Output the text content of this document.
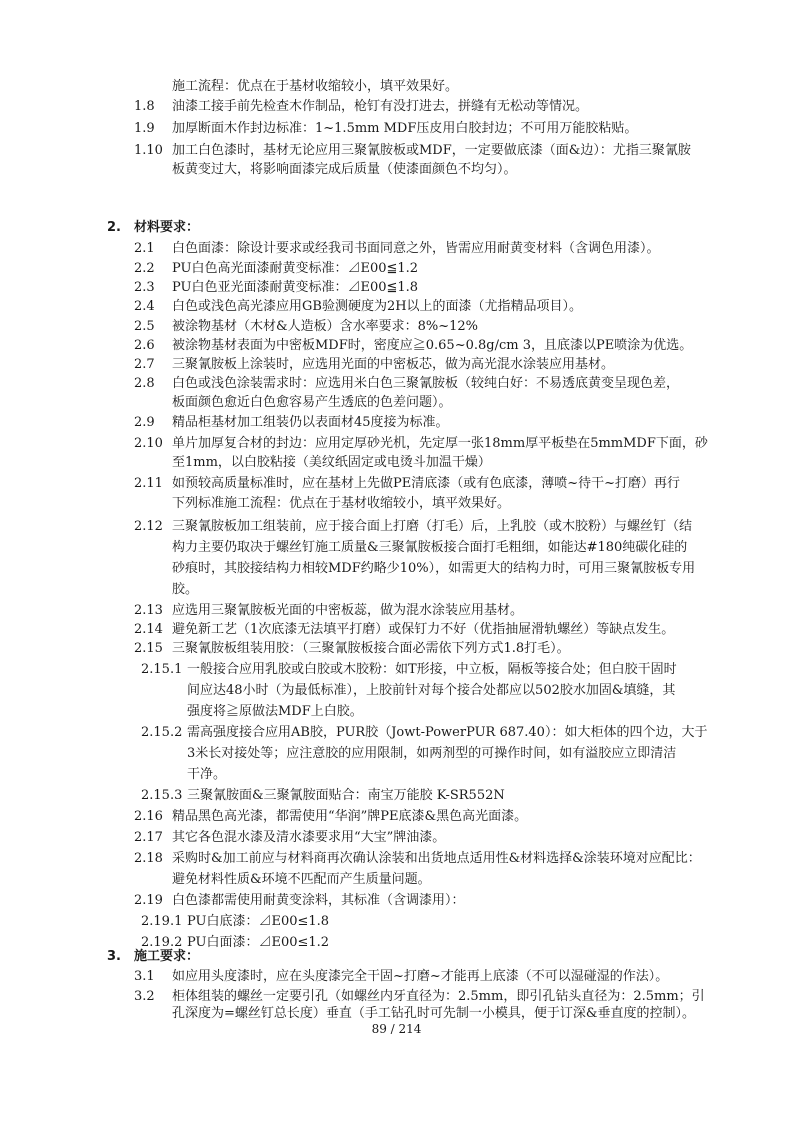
施工流程：优点在于基材收缩较小，填平效果好。
1.8 油漆工接手前先检查木作制品，枪钉有没打进去，拼缝有无松动等情况。
1.9 加厚断面木作封边标准：1~1.5mm MDF压皮用白胶封边；不可用万能胶粘贴。
1.10 加工白色漆时，基材无论应用三聚氰胺板或MDF，一定要做底漆（面&边）：尤指三聚氰胺
板黄变过大，将影响面漆完成后质量（使漆面颜色不均匀）。
2. 材料要求：
2.1 白色面漆：除设计要求或经我司书面同意之外，皆需应用耐黄变材料（含调色用漆）。
2.2 PU白色高光面漆耐黄变标准：⊿E00≦1.2
2.3 PU白色亚光面漆耐黄变标准：⊿E00≦1.8
2.4 白色或浅色高光漆应用GB验测硬度为2H以上的面漆（尤指精品项目）。
2.5 被涂物基材（木材&人造板）含水率要求：8%~12%
2.6 被涂物基材表面为中密板MDF时，密度应≧0.65~0.8g/cm 3，且底漆以PE喷涂为优选。
2.7 三聚氰胺板上涂装时，应选用光面的中密板芯，做为高光混水涂装应用基材。
2.8 白色或浅色涂装需求时：应选用米白色三聚氰胺板（较纯白好：不易透底黄变呈现色差，
板面颜色愈近白色愈容易产生透底的色差问题）。
2.9 精品柜基材加工组装仍以表面材45度接为标准。
2.10 单片加厚复合材的封边：应用定厚砂光机，先定厚一张18mm厚平板垫在5mmMDF下面，砂
至1mm，以白胶粘接（美纹纸固定或电烫斗加温干燥）
2.11 如预较高质量标准时，应在基材上先做PE清底漆（或有色底漆，薄喷~待干~打磨）再行
下列标准施工流程：优点在于基材收缩较小，填平效果好。
2.12 三聚氰胺板加工组装前，应于接合面上打磨（打毛）后，上乳胶（或木胶粉）与螺丝钉（结
构力主要仍取决于螺丝钉施工质量&三聚氰胺板接合面打毛粗细，如能达#180纯碳化硅的
砂痕时，其胶接结构力相较MDF约略少10%），如需更大的结构力时，可用三聚氰胺板专用
胶。
2.13 应选用三聚氰胺板光面的中密板蕊，做为混水涂装应用基材。
2.14 避免新工艺（1次底漆无法填平打磨）或保钉力不好（优指抽屉滑轨螺丝）等缺点发生。
2.15 三聚氰胺板组装用胶：（三聚氰胺板接合面必需依下列方式1.8打毛）。
2.15.1 一般接合应用乳胶或白胶或木胶粉：如T形接，中立板，隔板等接合处；但白胶干固时
间应达48小时（为最低标准），上胶前针对每个接合处都应以502胶水加固&填缝，其
强度将≧原做法MDF上白胶。
2.15.2 需高强度接合应用AB胶，PUR胶（Jowt-PowerPUR 687.40）：如大柜体的四个边，大于
3米长对接处等；应注意胶的应用限制，如两剂型的可操作时间，如有溢胶应立即清洁
干净。
2.15.3 三聚氰胺面&三聚氰胺面贴合：南宝万能胶 K-SR552N
2.16 精品黑色高光漆，都需使用“华润”牌PE底漆&黑色高光面漆。
2.17 其它各色混水漆及清水漆要求用“大宝”牌油漆。
2.18 采购时&加工前应与材料商再次确认涂装和出货地点适用性&材料选择&涂装环境对应配比：
避免材料性质&环境不匹配而产生质量问题。
2.19 白色漆都需使用耐黄变涂料，其标准（含调漆用）：
2.19.1 PU白底漆：⊿E00≤1.8
2.19.2 PU白面漆：⊿E00≤1.2
3. 施工要求：
3.1 如应用头度漆时，应在头度漆完全干固~打磨~才能再上底漆（不可以湿碰湿的作法）。
3.2 柜体组装的螺丝一定要引孔（如螺丝内牙直径为：2.5mm，即引孔钻头直径为：2.5mm；引
孔深度为=螺丝钉总长度）垂直（手工钻孔时可先制一小模具，便于订深&垂直度的控制）。
89 / 214
